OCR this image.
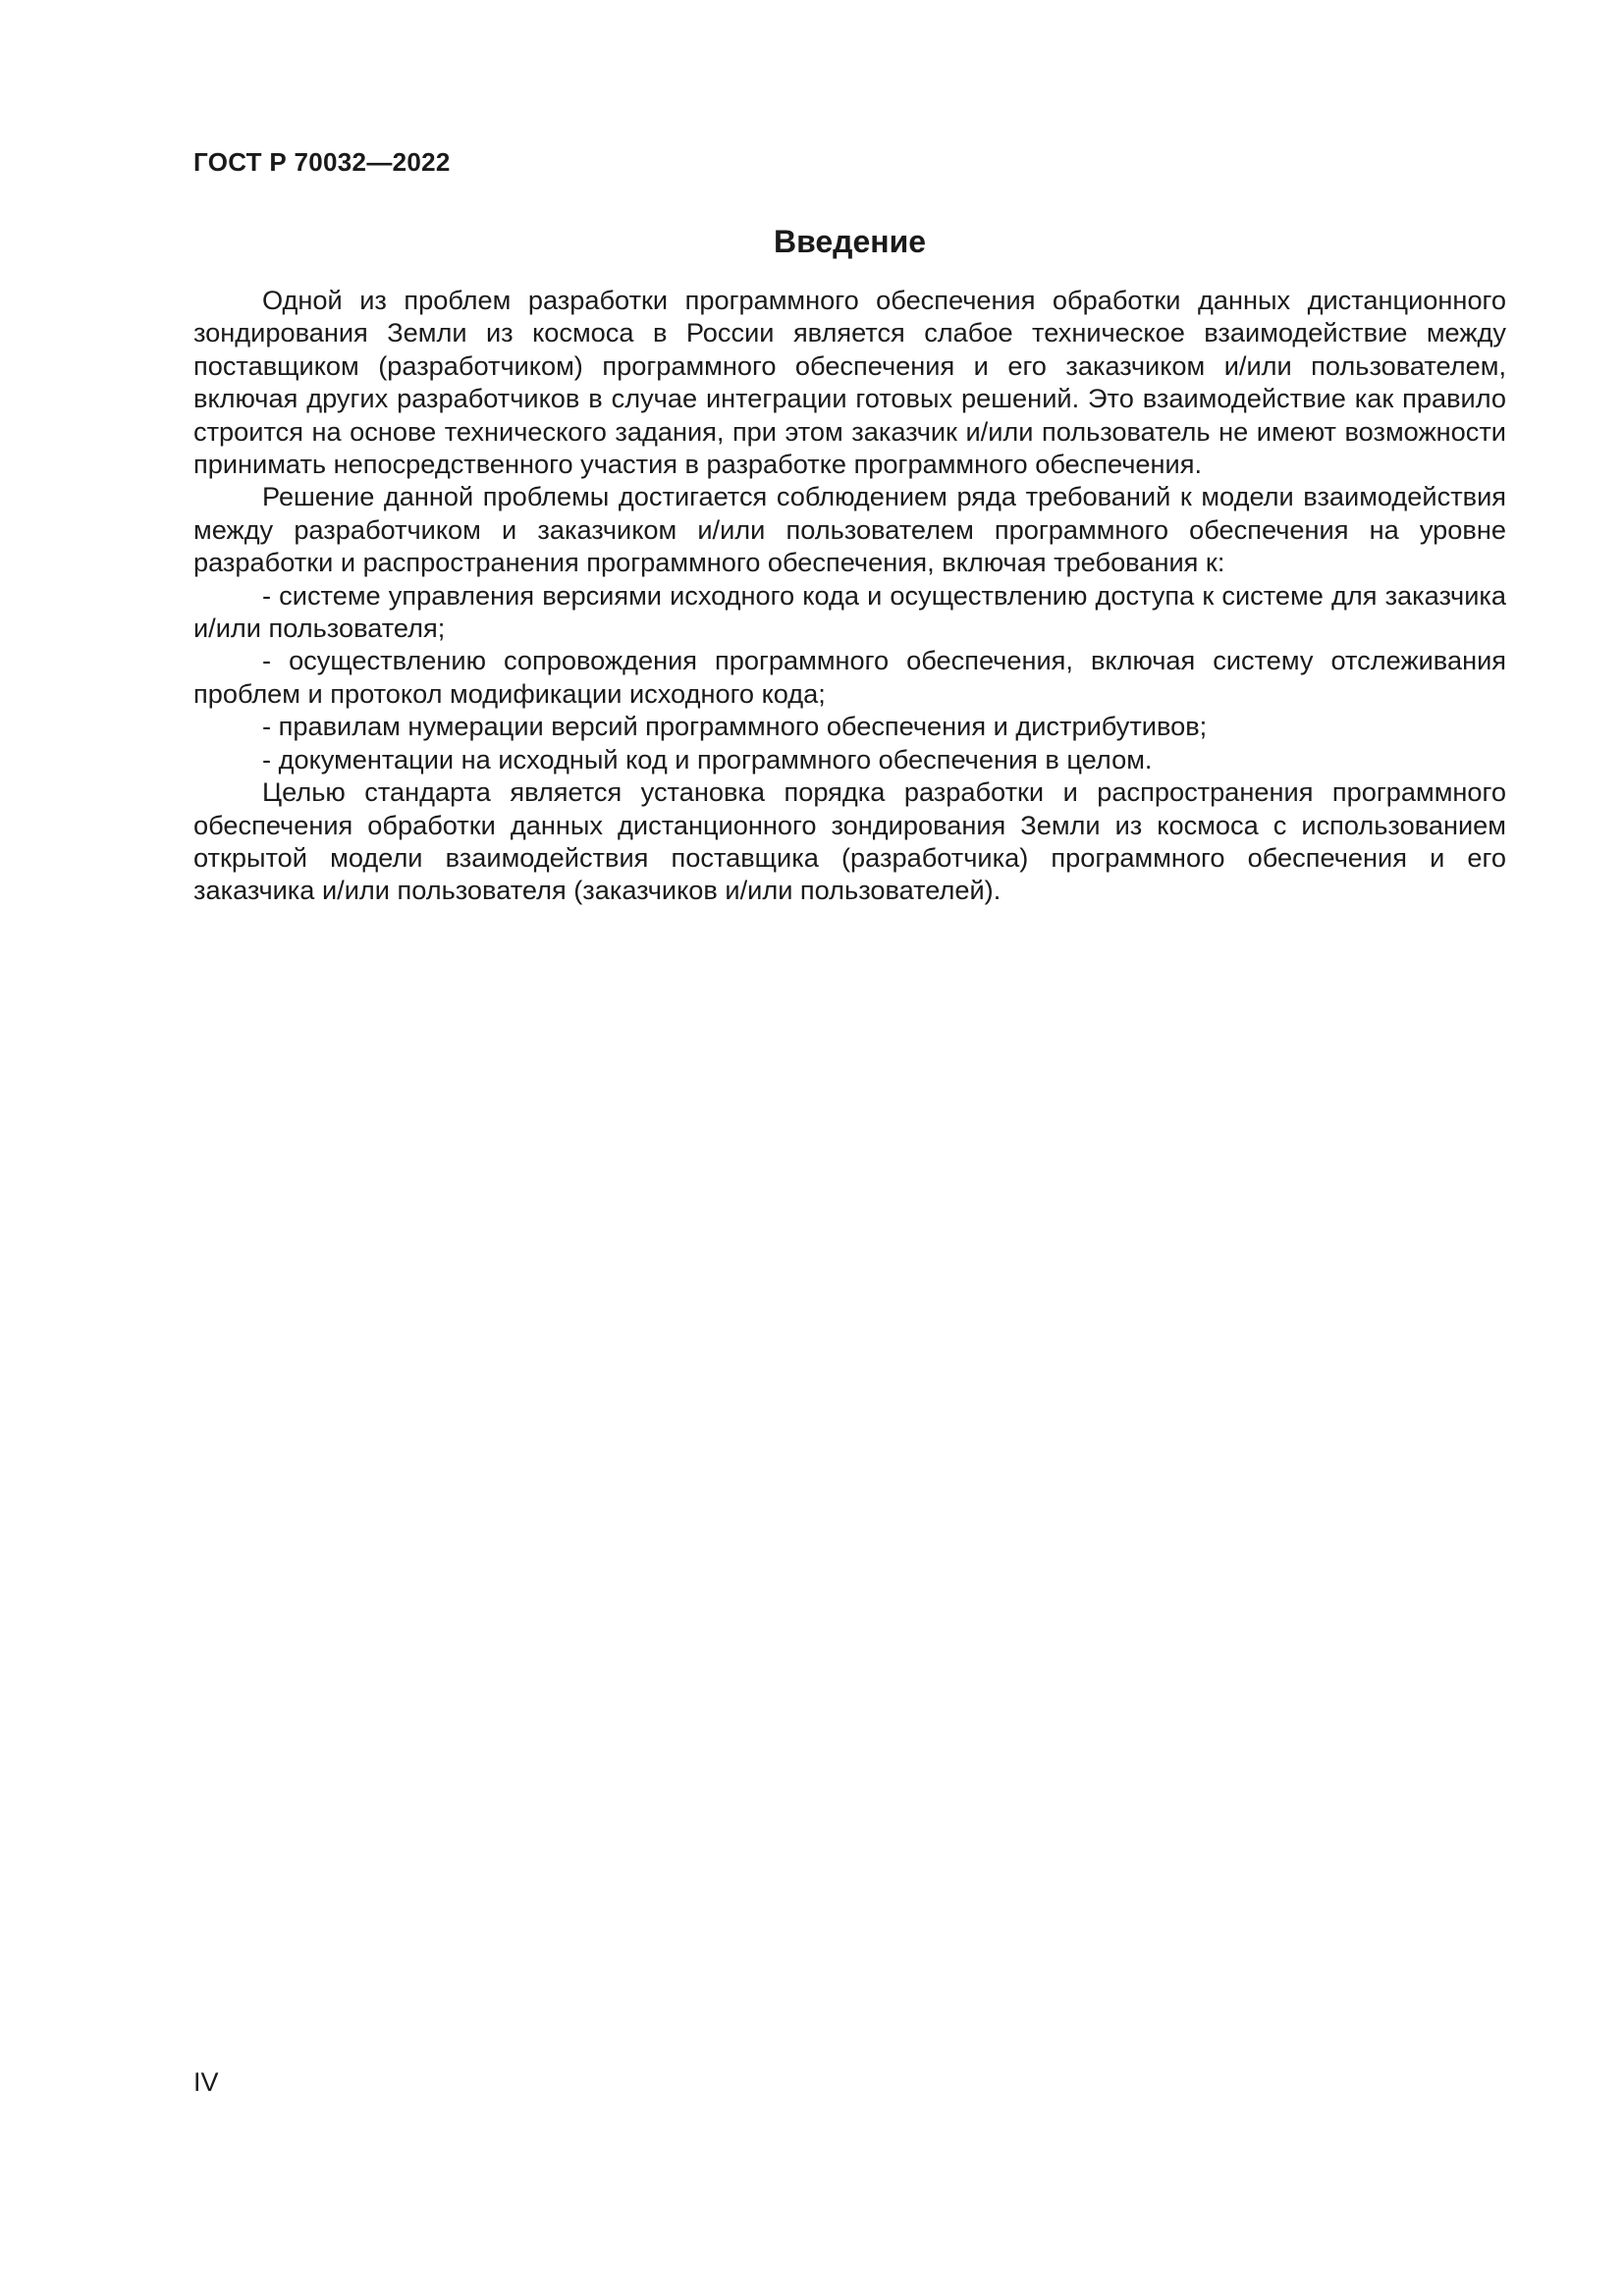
ГОСТ Р 70032—2022
Введение

Одной из проблем разработки программного обеспечения обработки данных дистанционного зондирования Земли из космоса в России является слабое техническое взаимодействие между поставщиком (разработчиком) программного обеспечения и его заказчиком и/или пользователем, включая других разработчиков в случае интеграции готовых решений. Это взаимодействие как правило строится на основе технического задания, при этом заказчик и/или пользователь не имеют возможности принимать непосредственного участия в разработке программного обеспечения.

Решение данной проблемы достигается соблюдением ряда требований к модели взаимодействия между разработчиком и заказчиком и/или пользователем программного обеспечения на уровне разработки и распространения программного обеспечения, включая требования к:

- системе управления версиями исходного кода и осуществлению доступа к системе для заказчика и/или пользователя;

- осуществлению сопровождения программного обеспечения, включая систему отслеживания проблем и протокол модификации исходного кода;

- правилам нумерации версий программного обеспечения и дистрибутивов;

- документации на исходный код и программного обеспечения в целом.

Целью стандарта является установка порядка разработки и распространения программного обеспечения обработки данных дистанционного зондирования Земли из космоса с использованием открытой модели взаимодействия поставщика (разработчика) программного обеспечения и его заказчика и/или пользователя (заказчиков и/или пользователей).

IV
